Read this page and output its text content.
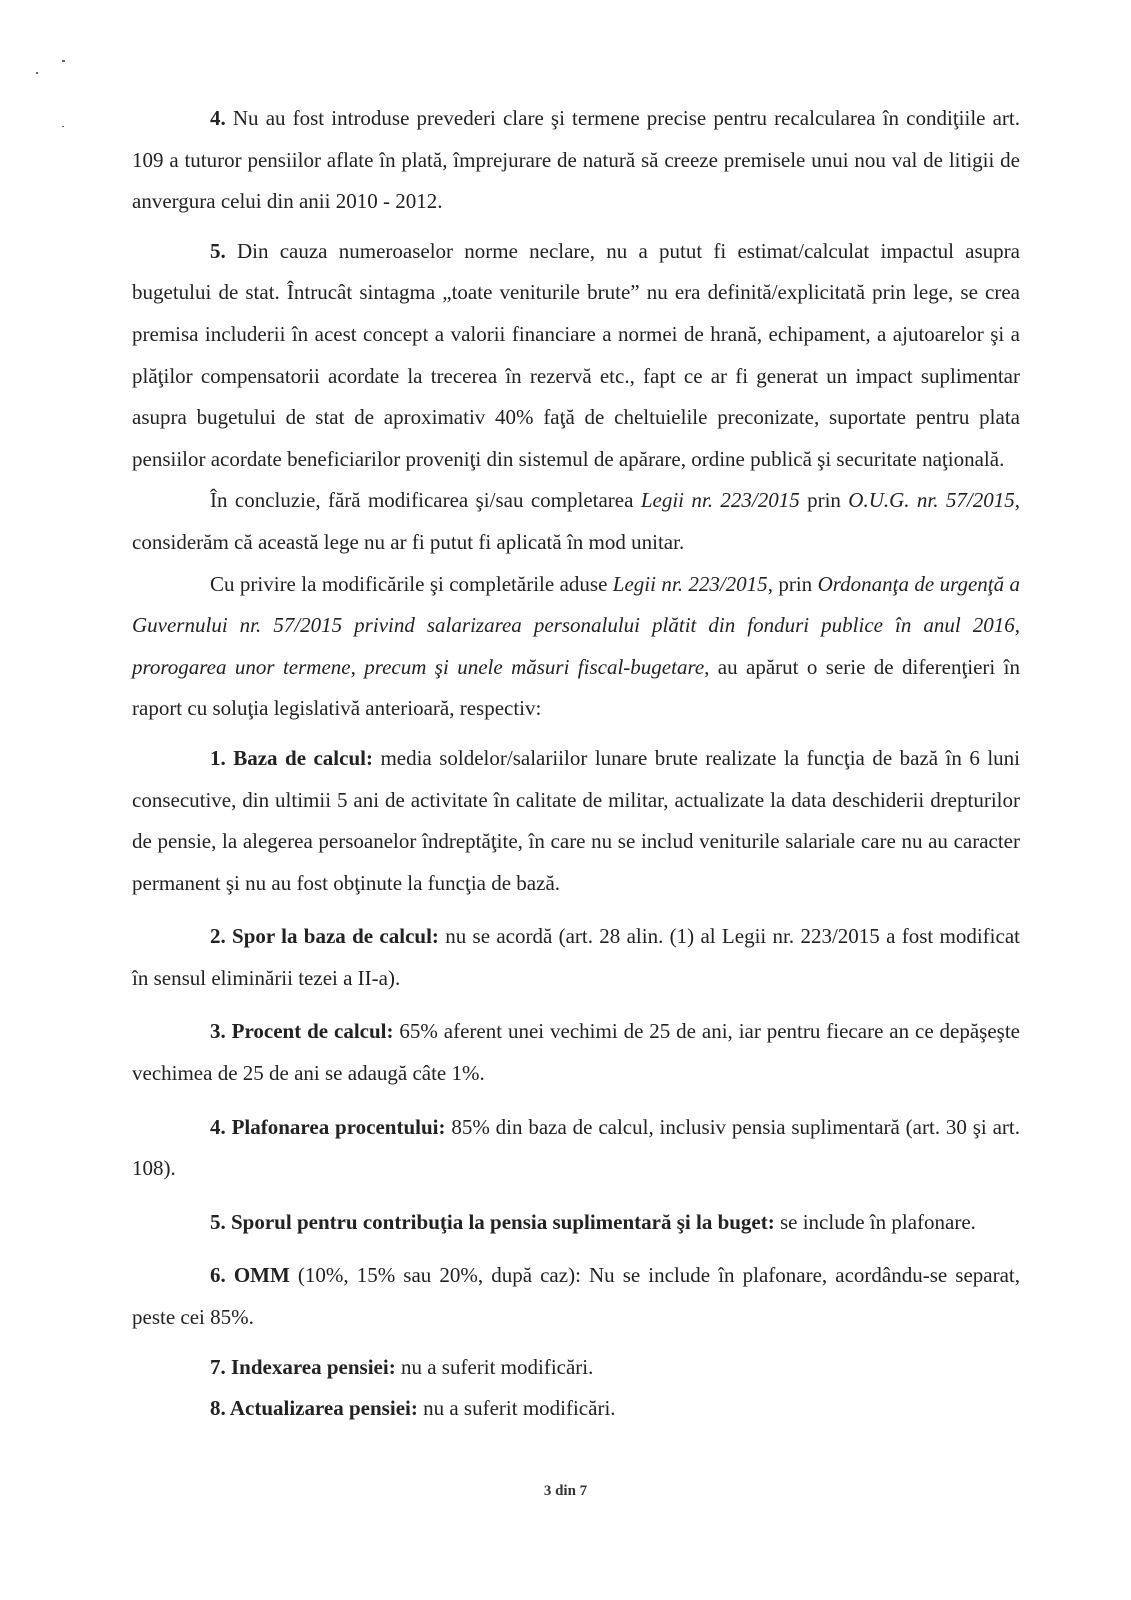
4. Nu au fost introduse prevederi clare şi termene precise pentru recalcularea în condiţiile art. 109 a tuturor pensiilor aflate în plată, împrejurare de natură să creeze premisele unui nou val de litigii de anvergura celui din anii 2010 - 2012.

5. Din cauza numeroaselor norme neclare, nu a putut fi estimat/calculat impactul asupra bugetului de stat. Întrucât sintagma „toate veniturile brute” nu era definită/explicitată prin lege, se crea premisa includerii în acest concept a valorii financiare a normei de hrană, echipament, a ajutoarelor şi a plăţilor compensatorii acordate la trecerea în rezervă etc., fapt ce ar fi generat un impact suplimentar asupra bugetului de stat de aproximativ 40% faţă de cheltuielile preconizate, suportate pentru plata pensiilor acordate beneficiarilor proveniţi din sistemul de apărare, ordine publică şi securitate naţională.

În concluzie, fără modificarea şi/sau completarea Legii nr. 223/2015 prin O.U.G. nr. 57/2015, considerăm că această lege nu ar fi putut fi aplicată în mod unitar.

Cu privire la modificările şi completările aduse Legii nr. 223/2015, prin Ordonanţa de urgenţă a Guvernului nr. 57/2015 privind salarizarea personalului plătit din fonduri publice în anul 2016, prorogarea unor termene, precum şi unele măsuri fiscal-bugetare, au apărut o serie de diferenţieri în raport cu soluţia legislativă anterioară, respectiv:

1. Baza de calcul: media soldelor/salariilor lunare brute realizate la funcţia de bază în 6 luni consecutive, din ultimii 5 ani de activitate în calitate de militar, actualizate la data deschiderii drepturilor de pensie, la alegerea persoanelor îndreptăţite, în care nu se includ veniturile salariale care nu au caracter permanent şi nu au fost obţinute la funcţia de bază.

2. Spor la baza de calcul: nu se acordă (art. 28 alin. (1) al Legii nr. 223/2015 a fost modificat în sensul eliminării tezei a II-a).

3. Procent de calcul: 65% aferent unei vechimi de 25 de ani, iar pentru fiecare an ce depăşeşte vechimea de 25 de ani se adaugă câte 1%.

4. Plafonarea procentului: 85% din baza de calcul, inclusiv pensia suplimentară (art. 30 şi art. 108).

5. Sporul pentru contribuţia la pensia suplimentară şi la buget: se include în plafonare.

6. OMM (10%, 15% sau 20%, după caz): Nu se include în plafonare, acordându-se separat, peste cei 85%.

7. Indexarea pensiei: nu a suferit modificări.

8. Actualizarea pensiei: nu a suferit modificări.

3 din 7
